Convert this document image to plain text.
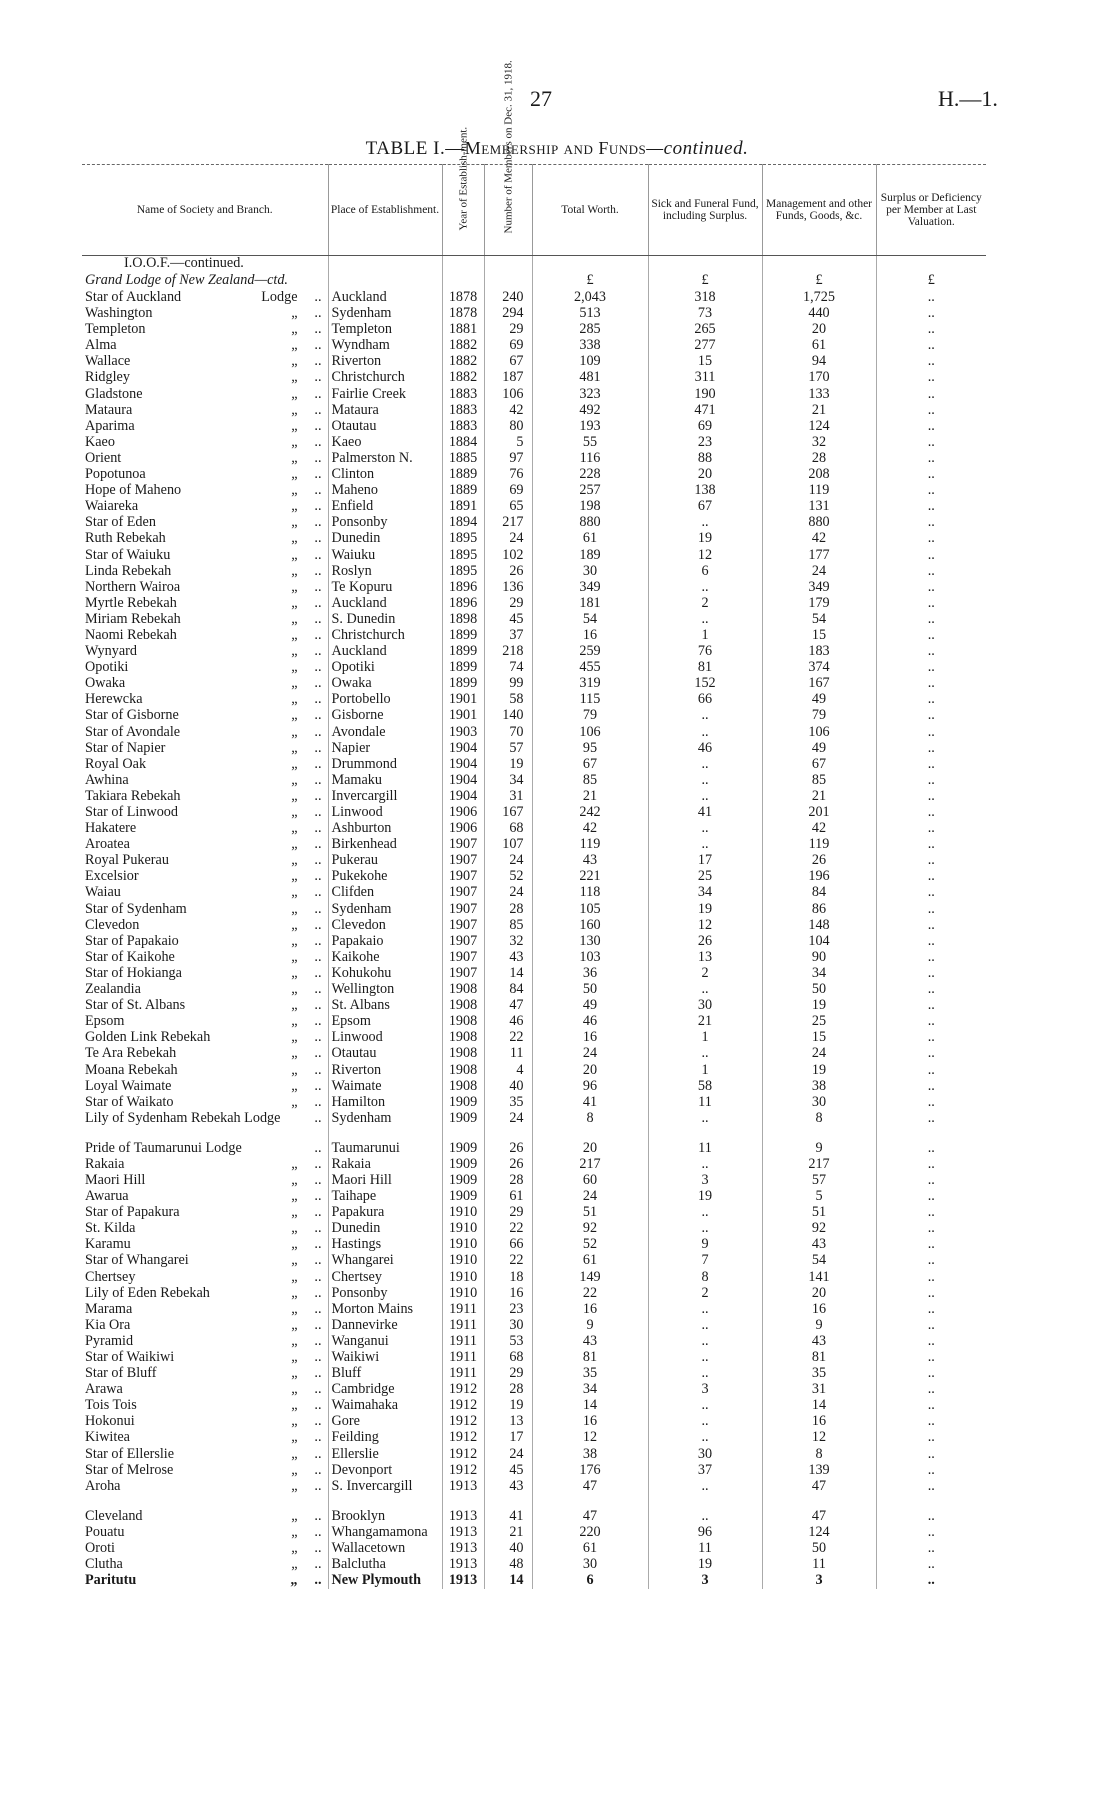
27	H.—1.
TABLE I.—Membership and Funds—continued.
Name of Society and Branch.	Place of Establishment.	Year of Establish-ment.	Number of Members on Dec. 31, 1918.	Total Worth.	Sick and Funeral Fund, including Surplus.	Management and other Funds, Goods, &c.	Surplus or Deficiency per Member at Last Valuation.
I.O.O.F.—continued.							
Grand Lodge of New Zealand—ctd.				£	£	£	£
Star of Auckland Lodge ..	Auckland	1878	240	2,043	318	1,725	..
Washington „ ..	Sydenham	1878	294	513	73	440	..
Templeton „ ..	Templeton	1881	29	285	265	20	..
Alma „ ..	Wyndham	1882	69	338	277	61	..
Wallace „ ..	Riverton	1882	67	109	15	94	..
Ridgley „ ..	Christchurch	1882	187	481	311	170	..
Gladstone „ ..	Fairlie Creek	1883	106	323	190	133	..
Mataura „ ..	Mataura	1883	42	492	471	21	..
Aparima „ ..	Otautau	1883	80	193	69	124	..
Kaeo „ ..	Kaeo	1884	5	55	23	32	..
Orient „ ..	Palmerston N.	1885	97	116	88	28	..
Popotunoa „ ..	Clinton	1889	76	228	20	208	..
Hope of Maheno „ ..	Maheno	1889	69	257	138	119	..
Waiareka „ ..	Enfield	1891	65	198	67	131	..
Star of Eden „ ..	Ponsonby	1894	217	880	..	880	..
Ruth Rebekah „ ..	Dunedin	1895	24	61	19	42	..
Star of Waiuku „ ..	Waiuku	1895	102	189	12	177	..
Linda Rebekah „ ..	Roslyn	1895	26	30	6	24	..
Northern Wairoa „ ..	Te Kopuru	1896	136	349	..	349	..
Myrtle Rebekah „ ..	Auckland	1896	29	181	2	179	..
Miriam Rebekah „ ..	S. Dunedin	1898	45	54	..	54	..
Naomi Rebekah „ ..	Christchurch	1899	37	16	1	15	..
Wynyard „ ..	Auckland	1899	218	259	76	183	..
Opotiki „ ..	Opotiki	1899	74	455	81	374	..
Owaka „ ..	Owaka	1899	99	319	152	167	..
Herewcka „ ..	Portobello	1901	58	115	66	49	..
Star of Gisborne „ ..	Gisborne	1901	140	79	..	79	..
Star of Avondale „ ..	Avondale	1903	70	106	..	106	..
Star of Napier „ ..	Napier	1904	57	95	46	49	..
Royal Oak „ ..	Drummond	1904	19	67	..	67	..
Awhina „ ..	Mamaku	1904	34	85	..	85	..
Takiara Rebekah „ ..	Invercargill	1904	31	21	..	21	..
Star of Linwood „ ..	Linwood	1906	167	242	41	201	..
Hakatere „ ..	Ashburton	1906	68	42	..	42	..
Aroatea „ ..	Birkenhead	1907	107	119	..	119	..
Royal Pukerau „ ..	Pukerau	1907	24	43	17	26	..
Excelsior „ ..	Pukekohe	1907	52	221	25	196	..
Waiau „ ..	Clifden	1907	24	118	34	84	..
Star of Sydenham „ ..	Sydenham	1907	28	105	19	86	..
Clevedon „ ..	Clevedon	1907	85	160	12	148	..
Star of Papakaio „ ..	Papakaio	1907	32	130	26	104	..
Star of Kaikohe „ ..	Kaikohe	1907	43	103	13	90	..
Star of Hokianga „ ..	Kohukohu	1907	14	36	2	34	..
Zealandia „ ..	Wellington	1908	84	50	..	50	..
Star of St. Albans „ ..	St. Albans	1908	47	49	30	19	..
Epsom „ ..	Epsom	1908	46	46	21	25	..
Golden Link Rebekah „ ..	Linwood	1908	22	16	1	15	..
Te Ara Rebekah „ ..	Otautau	1908	11	24	..	24	..
Moana Rebekah „ ..	Riverton	1908	4	20	1	19	..
Loyal Waimate „ ..	Waimate	1908	40	96	58	38	..
Star of Waikato „ ..	Hamilton	1909	35	41	11	30	..
Lily of Sydenham Rebekah Lodge ..	Sydenham	1909	24	8	..	8	..
Pride of Taumarunui Lodge ..	Taumarunui	1909	26	20	11	9	..
Rakaia „ ..	Rakaia	1909	26	217	..	217	..
Maori Hill „ ..	Maori Hill	1909	28	60	3	57	..
Awarua „ ..	Taihape	1909	61	24	19	5	..
Star of Papakura „ ..	Papakura	1910	29	51	..	51	..
St. Kilda „ ..	Dunedin	1910	22	92	..	92	..
Karamu „ ..	Hastings	1910	66	52	9	43	..
Star of Whangarei „ ..	Whangarei	1910	22	61	7	54	..
Chertsey „ ..	Chertsey	1910	18	149	8	141	..
Lily of Eden Rebekah „ ..	Ponsonby	1910	16	22	2	20	..
Marama „ ..	Morton Mains	1911	23	16	..	16	..
Kia Ora „ ..	Dannevirke	1911	30	9	..	9	..
Pyramid „ ..	Wanganui	1911	53	43	..	43	..
Star of Waikiwi „ ..	Waikiwi	1911	68	81	..	81	..
Star of Bluff „ ..	Bluff	1911	29	35	..	35	..
Arawa „ ..	Cambridge	1912	28	34	3	31	..
Tois Tois „ ..	Waimahaka	1912	19	14	..	14	..
Hokonui „ ..	Gore	1912	13	16	..	16	..
Kiwitea „ ..	Feilding	1912	17	12	..	12	..
Star of Ellerslie „ ..	Ellerslie	1912	24	38	30	8	..
Star of Melrose „ ..	Devonport	1912	45	176	37	139	..
Aroha „ ..	S. Invercargill	1913	43	47	..	47	..
Cleveland „ ..	Brooklyn	1913	41	47	..	47	..
Pouatu „ ..	Whangamamona	1913	21	220	96	124	..
Oroti „ ..	Wallacetown	1913	40	61	11	50	..
Clutha „ ..	Balclutha	1913	48	30	19	11	..
Paritutu „ ..	New Plymouth	1913	14	6	3	3	..
